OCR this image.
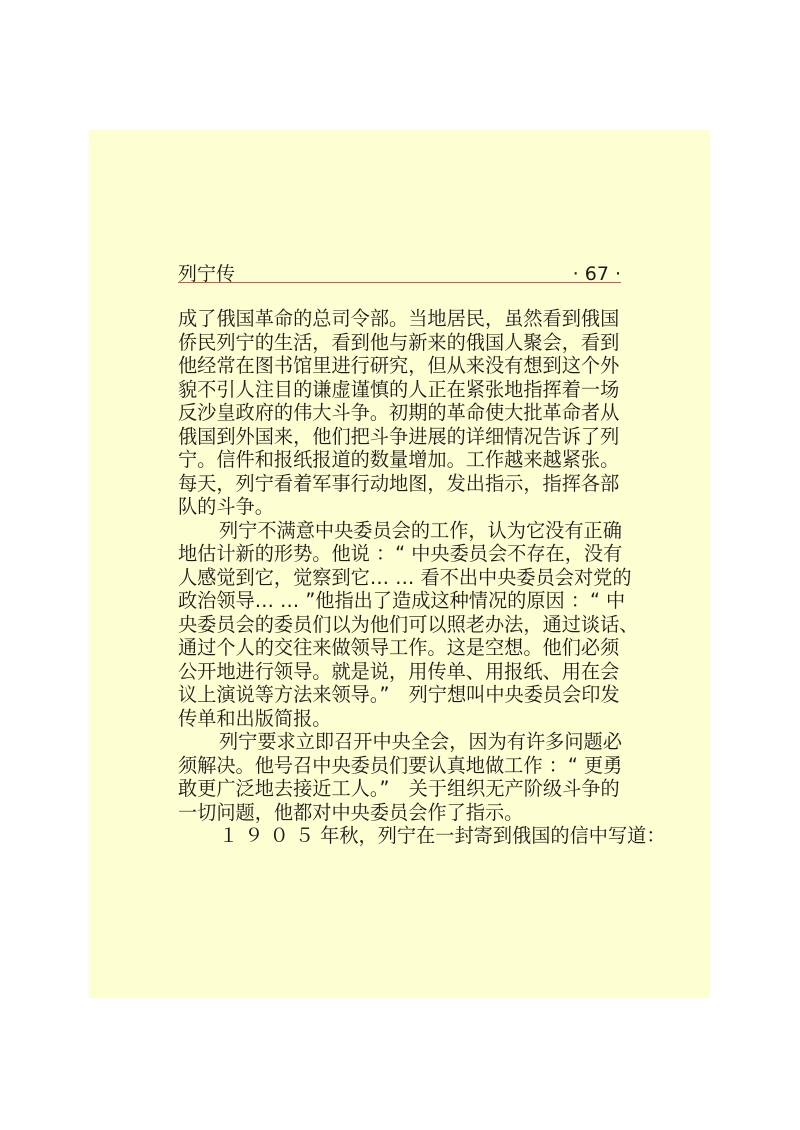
列宁传	· 67 ·
成了俄国革命的总司令部。当地居民，虽然看到俄国
侨民列宁的生活，看到他与新来的俄国人聚会，看到
他经常在图书馆里进行研究，但从来没有想到这个外
貌不引人注目的谦虚谨慎的人正在紧张地指挥着一场
反沙皇政府的伟大斗争。初期的革命使大批革命者从
俄国到外国来，他们把斗争进展的详细情况告诉了列
宁。信件和报纸报道的数量增加。工作越来越紧张。
每天，列宁看着军事行动地图，发出指示，指挥各部
队的斗争。
列宁不满意中央委员会的工作，认为它没有正确
地估计新的形势。他说 ：“ 中央委员会不存在，没有
人感觉到它，觉察到它… … 看不出中央委员会对党的
政治领导… … ”他指出了造成这种情况的原因 ：“ 中
央委员会的委员们以为他们可以照老办法，通过谈话、
通过个人的交往来做领导工作。这是空想。他们必须
公开地进行领导。就是说，用传单、用报纸、用在会
议上演说等方法来领导。”　列宁想叫中央委员会印发
传单和出版简报。
列宁要求立即召开中央全会，因为有许多问题必
须解决。他号召中央委员们要认真地做工作 ：“ 更勇
敢更广泛地去接近工人。”　关于组织无产阶级斗争的
一切问题，他都对中央委员会作了指示。
１ ９ ０ ５ 年秋，列宁在一封寄到俄国的信中写道：
